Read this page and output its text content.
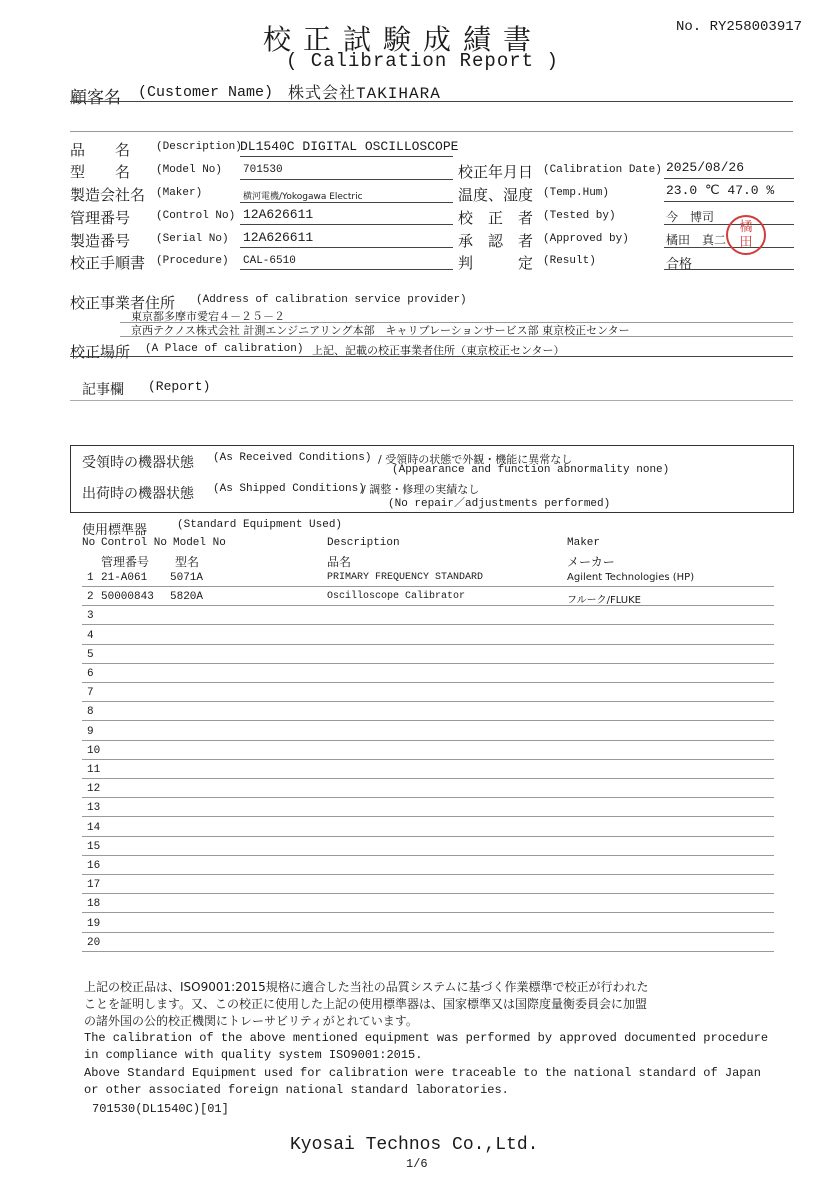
校正試験成績書
( Calibration Report )
No. RY258003917
顧客名 (Customer Name) 株式会社TAKIHARA
品　　名 (Description)
DL1540C DIGITAL OSCILLOSCOPE
型　　名 (Model No) 701530
製造会社名 (Maker)	横河電機/Yokogawa Electric
管理番号 (Control No) 12A626611
製造番号 (Serial No) 12A626611
校正手順書 (Procedure) CAL-6510
校正年月日 (Calibration Date) 2025/08/26
温度、湿度 (Temp.Hum)	23.0 ℃ 47.0 %
校　正　者 (Tested by)	今　博司
承　認　者 (Approved by)	橘田　真二
判　　　定 (Result)	合格
橘
田
校正事業者住所 (Address of calibration service provider)
東京都多摩市愛宕４－２５－２
京西テクノス株式会社 計測エンジニアリング本部　キャリブレーションサービス部 東京校正センター
校正場所 (A Place of calibration) 上記、記載の校正事業者住所（東京校正センター）
記事欄 (Report)
受領時の機器状態 (As Received Conditions) / 受領時の状態で外観・機能に異常なし
(Appearance and function abnormality none)
出荷時の機器状態 (As Shipped Conditions)
/ 調整・修理の実績なし
(No repair／adjustments performed)
使用標準器	(Standard Equipment Used)
No Control No Model No	Description	Maker
管理番号 型名	品名	メーカー
1 21-A061 5071A	PRIMARY FREQUENCY STANDARD	Agilent Technologies (HP)
2 50000843 5820A	Oscilloscope Calibrator	フルーク/FLUKE
3
4
5
6
7
8
9
10
11
12
13
14
15
16
17
18
19
20
上記の校正品は、ISO9001:2015規格に適合した当社の品質システムに基づく作業標準で校正が行われた
ことを証明します。又、この校正に使用した上記の使用標準器は、国家標準又は国際度量衡委員会に加盟
の諸外国の公的校正機関にトレーサビリティがとれています。
The calibration of the above mentioned equipment was performed by approved documented procedure
in compliance with quality system ISO9001:2015.
Above Standard Equipment used for calibration were traceable to the national standard of Japan
or other associated foreign national standard laboratories.
701530(DL1540C)[01]
Kyosai Technos Co.,Ltd.
1/6
